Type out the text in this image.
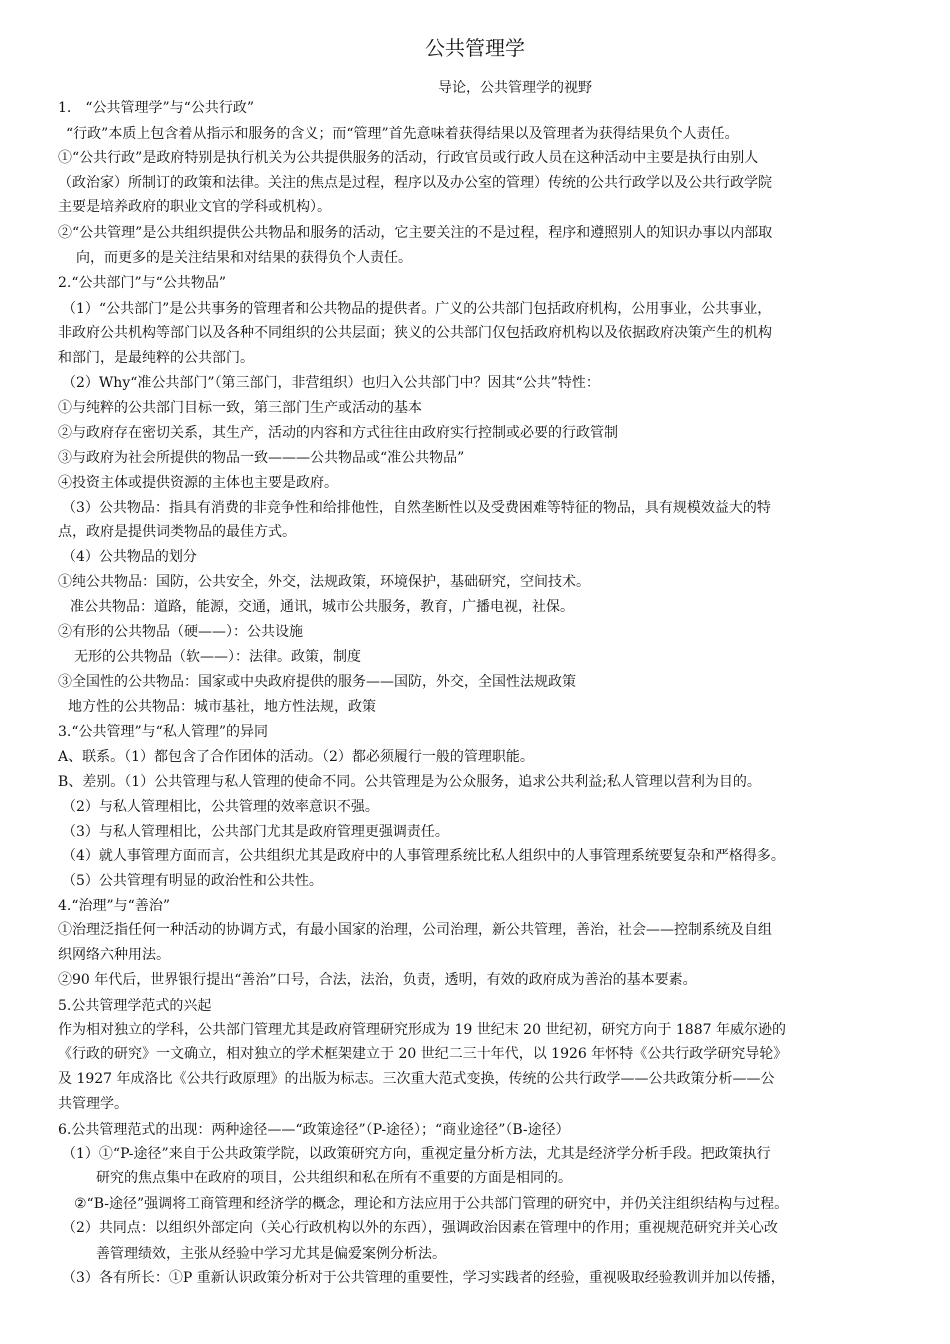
公共管理学
导论，公共管理学的视野
1.　“公共管理学”与“公共行政”
“行政”本质上包含着从指示和服务的含义；而“管理”首先意味着获得结果以及管理者为获得结果负个人责任。
①“公共行政”是政府特别是执行机关为公共提供服务的活动，行政官员或行政人员在这种活动中主要是执行由别人
（政治家）所制订的政策和法律。关注的焦点是过程，程序以及办公室的管理）传统的公共行政学以及公共行政学院
主要是培养政府的职业文官的学科或机构）。
②“公共管理”是公共组织提供公共物品和服务的活动，它主要关注的不是过程，程序和遵照别人的知识办事以内部取
向，而更多的是关注结果和对结果的获得负个人责任。
2.“公共部门”与“公共物品”
（1）“公共部门”是公共事务的管理者和公共物品的提供者。广义的公共部门包括政府机构，公用事业，公共事业，
非政府公共机构等部门以及各种不同组织的公共层面；狭义的公共部门仅包括政府机构以及依据政府决策产生的机构
和部门，是最纯粹的公共部门。
（2）Why“准公共部门”（第三部门，非营组织）也归入公共部门中？因其“公共”特性：
①与纯粹的公共部门目标一致，第三部门生产或活动的基本
②与政府存在密切关系，其生产，活动的内容和方式往往由政府实行控制或必要的行政管制
③与政府为社会所提供的物品一致———公共物品或“准公共物品”
④投资主体或提供资源的主体也主要是政府。
（3）公共物品：指具有消费的非竞争性和给排他性，自然垄断性以及受费困难等特征的物品，具有规模效益大的特
点，政府是提供词类物品的最佳方式。
（4）公共物品的划分
①纯公共物品：国防，公共安全，外交，法规政策，环境保护，基础研究，空间技术。
准公共物品：道路，能源，交通，通讯，城市公共服务，教育，广播电视，社保。
②有形的公共物品（硬——）：公共设施
无形的公共物品（软——）：法律。政策，制度
③全国性的公共物品：国家或中央政府提供的服务——国防，外交，全国性法规政策
地方性的公共物品：城市基社，地方性法规，政策
3.“公共管理”与“私人管理”的异同
A、联系。（1）都包含了合作团体的活动。（2）都必须履行一般的管理职能。
B、差别。（1）公共管理与私人管理的使命不同。公共管理是为公众服务，追求公共利益;私人管理以营利为目的。
（2）与私人管理相比，公共管理的效率意识不强。
（3）与私人管理相比，公共部门尤其是政府管理更强调责任。
（4）就人事管理方面而言，公共组织尤其是政府中的人事管理系统比私人组织中的人事管理系统要复杂和严格得多。
（5）公共管理有明显的政治性和公共性。
4.“治理”与“善治”
①治理泛指任何一种活动的协调方式，有最小国家的治理，公司治理，新公共管理，善治，社会——控制系统及自组
织网络六种用法。
②90 年代后，世界银行提出“善治”口号，合法，法治，负责，透明，有效的政府成为善治的基本要素。
5.公共管理学范式的兴起
作为相对独立的学科，公共部门管理尤其是政府管理研究形成为 19 世纪末 20 世纪初，研究方向于 1887 年威尔逊的
《行政的研究》一文确立，相对独立的学术框架建立于 20 世纪二三十年代，以 1926 年怀特《公共行政学研究导轮》
及 1927 年成洛比《公共行政原理》的出版为标志。三次重大范式变换，传统的公共行政学——公共政策分析——公
共管理学。
6.公共管理范式的出现：两种途径——“政策途径”（P-途径）；“商业途径”（B-途径）
（1）①“P-途径”来自于公共政策学院，以政策研究方向，重视定量分析方法，尤其是经济学分析手段。把政策执行
研究的焦点集中在政府的项目，公共组织和私在所有不重要的方面是相同的。
②“B-途径”强调将工商管理和经济学的概念，理论和方法应用于公共部门管理的研究中，并仍关注组织结构与过程。
（2）共同点：以组织外部定向（关心行政机构以外的东西），强调政治因素在管理中的作用；重视规范研究并关心改
善管理绩效，主张从经验中学习尤其是偏爱案例分析法。
（3）各有所长：①P 重新认识政策分析对于公共管理的重要性，学习实践者的经验，重视吸取经验教训并加以传播，
